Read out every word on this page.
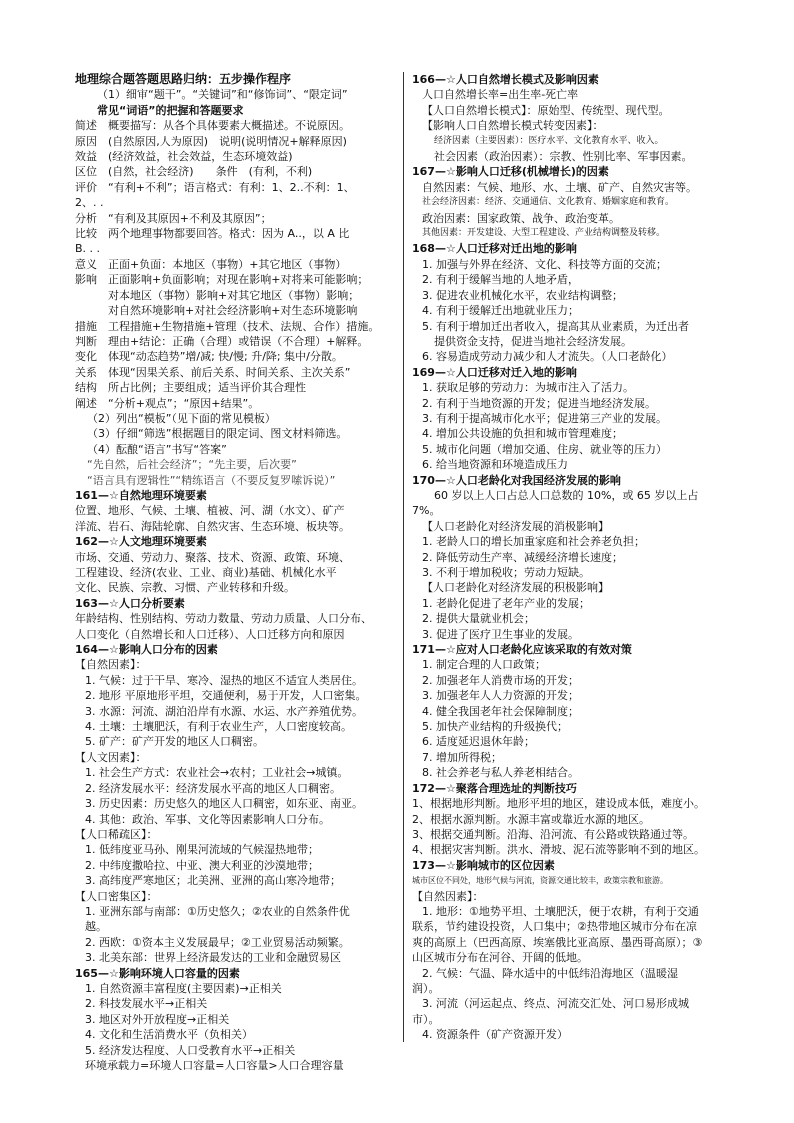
地理综合题答题思路归纳：五步操作程序
（1）细审“题干”。“关键词”和“修饰词”、“限定词”
常见“词语”的把握和答题要求
简述　概要描写：从各个具体要素大概描述。不说原因。
原因　(自然原因,人为原因)　说明(说明情况+解释原因)
效益　(经济效益，社会效益，生态环境效益)
区位　(自然，社会经济)　　条件　(有利，不利)
评价　“有利+不利”；语言格式：有利：1、2..不利：1、
2、. .
分析　“有利及其原因+不利及其原因”；
比较　两个地理事物都要回答。格式：因为 A..，以 A 比
B. . .
意义　正面+负面：本地区（事物）+其它地区（事物）
影响　正面影响+负面影响；对现在影响+对将来可能影响；
　　　对本地区（事物）影响+对其它地区（事物）影响；
　　　对自然环境影响+对社会经济影响+对生态环境影响
措施　工程措施+生物措施+管理（技术、法规、合作）措施。
判断　理由+结论：正确（合理）或错误（不合理）+解释。
变化　体现“动态趋势”增/减; 快/慢; 升/降; 集中/分散。
关系　体现“因果关系、前后关系、时间关系、主次关系”
结构　所占比例；主要组成；适当评价其合理性
阐述　“分析+观点”；“原因+结果”。
（2）列出“模板”（见下面的常见模板）
（3）仔细“筛选”根据题目的限定词、图文材料筛选。
（4）酝酿“语言”书写“答案”
“先自然，后社会经济”；“先主要，后次要”
“语言具有逻辑性”“精练语言（不要反复罗嗦诉说）”
161—☆自然地理环境要素
位置、地形、气候、土壤、植被、河、湖（水文）、矿产
洋流、岩石、海陆轮廓、自然灾害、生态环境、板块等。
162—☆人文地理环境要素
市场、交通、劳动力、聚落、技术、资源、政策、环境、
工程建设、经济(农业、工业、商业)基础、机械化水平
文化、民族、宗教、习惯、产业转移和升级。
163—☆人口分析要素
年龄结构、性别结构、劳动力数量、劳动力质量、人口分布、
人口变化（自然增长和人口迁移）、人口迁移方向和原因
164—☆影响人口分布的因素
【自然因素】：
1. 气候：过于干旱、寒冷、湿热的地区不适宜人类居住。
2. 地形 平原地形平坦，交通便利，易于开发，人口密集。
3. 水源：河流、湖泊沿岸有水源、水运、水产养殖优势。
4. 土壤：土壤肥沃，有利于农业生产，人口密度较高。
5. 矿产：矿产开发的地区人口稠密。
【人文因素】：
1. 社会生产方式：农业社会→农村；工业社会→城镇。
2. 经济发展水平：经济发展水平高的地区人口稠密。
3. 历史因素：历史悠久的地区人口稠密，如东亚、南亚。
4. 其他：政治、军事、文化等因素影响人口分布。
【人口稀疏区】：
1. 低纬度亚马孙、刚果河流域的气候湿热地带；
2. 中纬度撒哈拉、中亚、澳大利亚的沙漠地带；
3. 高纬度严寒地区；北美洲、亚洲的高山寒冷地带；
【人口密集区】：
1. 亚洲东部与南部：①历史悠久；②农业的自然条件优
越。
2. 西欧：①资本主义发展最早；②工业贸易活动频繁。
3. 北美东部：世界上经济最发达的工业和金融贸易区
165—☆影响环境人口容量的因素
1. 自然资源丰富程度(主要因素)→正相关
2. 科技发展水平→正相关
3. 地区对外开放程度→正相关
4. 文化和生活消费水平（负相关）
5. 经济发达程度、人口受教育水平→正相关
环境承载力=环境人口容量=人口容量>人口合理容量
166—☆人口自然增长模式及影响因素
人口自然增长率=出生率-死亡率
【人口自然增长模式】：原始型、传统型、现代型。
【影响人口自然增长模式转变因素】：
经济因素（主要因素）：医疗水平、文化教育水平、收入。
社会因素（政治因素）：宗教、性别比率、军事因素。
167—☆影响人口迁移(机械增长)的因素
自然因素：气候、地形、水、土壤、矿产、自然灾害等。
社会经济因素：经济、交通通信、文化教育、婚姻家庭和教育。
政治因素：国家政策、战争、政治变革。
其他因素：开发建设、大型工程建设、产业结构调整及转移。
168—☆人口迁移对迁出地的影响
1. 加强与外界在经济、文化、科技等方面的交流；
2. 有利于缓解当地的人地矛盾，
3. 促进农业机械化水平，农业结构调整；
4. 有利于缓解迁出地就业压力；
5. 有利于增加迁出者收入，提高其从业素质，为迁出者
提供资金支持，促进当地社会经济发展。
6. 容易造成劳动力减少和人才流失。（人口老龄化）
169—☆人口迁移对迁入地的影响
1. 获取足够的劳动力：为城市注入了活力。
2. 有利于当地资源的开发；促进当地经济发展。
3. 有利于提高城市化水平；促进第三产业的发展。
4. 增加公共设施的负担和城市管理难度；
5. 城市化问题（增加交通、住房、就业等的压力）
6. 给当地资源和环境造成压力
170—☆人口老龄化对我国经济发展的影响
60 岁以上人口占总人口总数的 10%，或 65 岁以上占
7%。
【人口老龄化对经济发展的消极影响】
1. 老龄人口的增长加重家庭和社会养老负担；
2. 降低劳动生产率、减缓经济增长速度；
3. 不利于增加税收；劳动力短缺。
【人口老龄化对经济发展的积极影响】
1. 老龄化促进了老年产业的发展；
2. 提供大量就业机会；
3. 促进了医疗卫生事业的发展。
171—☆应对人口老龄化应该采取的有效对策
1. 制定合理的人口政策；
2. 加强老年人消费市场的开发；
3. 加强老年人人力资源的开发；
4. 健全我国老年社会保障制度；
5. 加快产业结构的升级换代；
6. 适度延迟退休年龄；
7. 增加所得税；
8. 社会养老与私人养老相结合。
172—☆聚落合理选址的判断技巧
1、根据地形判断。地形平坦的地区，建设成本低，难度小。
2、根据水源判断。水源丰富或靠近水源的地区。
3、根据交通判断。沿海、沿河流、有公路或铁路通过等。
4、根据灾害判断。洪水、滑坡、泥石流等影响不到的地区。
173—☆影响城市的区位因素
城市区位不同处，地形气候与河流，资源交通比较丰，政策宗教和旅游。
【自然因素】：
1. 地形：①地势平坦、土壤肥沃，便于农耕，有利于交通
联系，节约建设投资，人口集中；②热带地区城市分布在凉
爽的高原上（巴西高原、埃塞俄比亚高原、墨西哥高原）；③
山区城市分布在河谷、开阔的低地。
2. 气候：气温、降水适中的中低纬沿海地区（温暖湿
润）。
3. 河流（河运起点、终点、河流交汇处、河口易形成城
市）。
4. 资源条件（矿产资源开发）
